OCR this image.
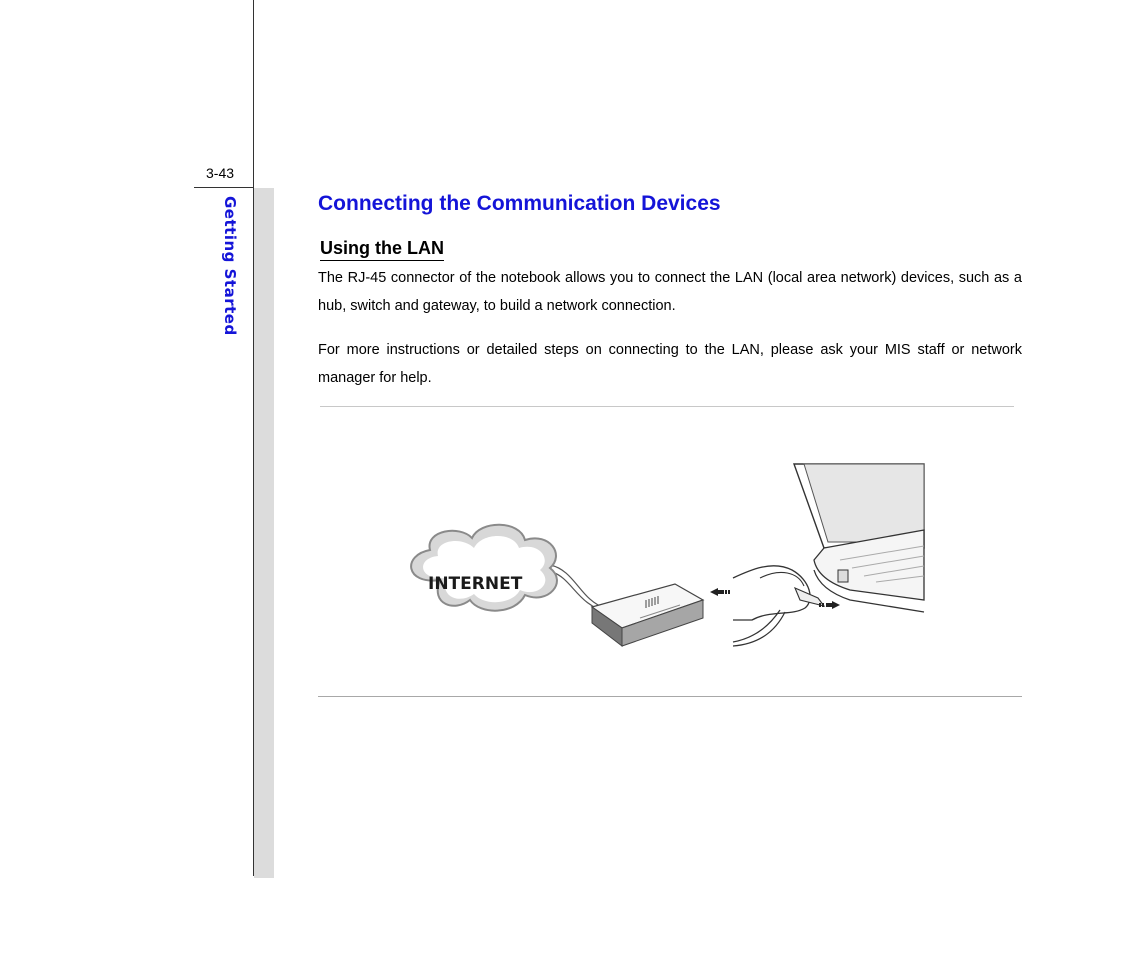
3-43
Getting Started	Connecting the Communication Devices
Using the LAN

The RJ-45 connector of the notebook allows you to connect the LAN (local area network) devices, such as a hub, switch and gateway, to build a network connection.

For more instructions or detailed steps on connecting to the LAN, please ask your MIS staff or network manager for help.

INTERNET
